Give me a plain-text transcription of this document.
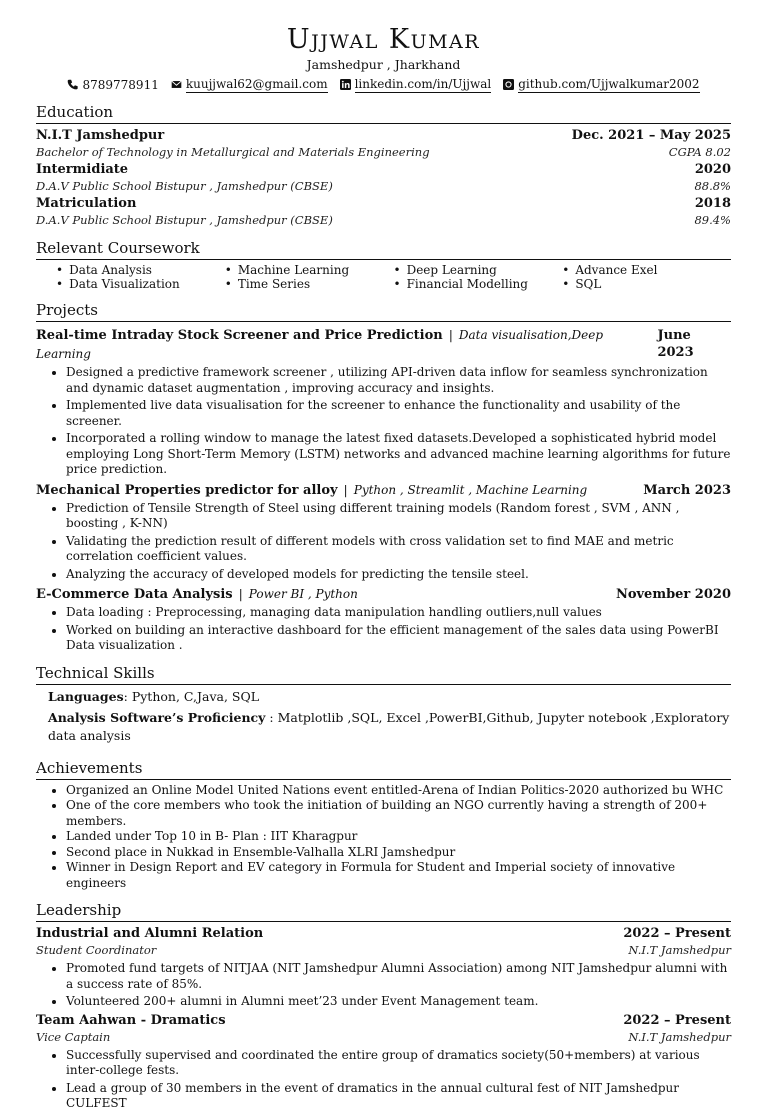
Ujjwal Kumar
Jamshedpur , Jharkhand
8789778911 kuujjwal62@gmail.com linkedin.com/in/Ujjwal github.com/Ujjwalkumar2002
Education
N.I.T Jamshedpur	Dec. 2021 – May 2025
Bachelor of Technology in Metallurgical and Materials Engineering	CGPA 8.02
Intermidiate	2020
D.A.V Public School Bistupur , Jamshedpur (CBSE)	88.8%
Matriculation	2018
D.A.V Public School Bistupur , Jamshedpur (CBSE)	89.4%
Relevant Coursework
• Data Analysis	• Machine Learning	• Deep Learning	• Advance Exel
• Data Visualization	• Time Series	• Financial Modelling	• SQL
Projects
Real-time Intraday Stock Screener and Price Prediction | Data visualisation,Deep Learning
June 2023
• Designed a predictive framework screener , utilizing API-driven data inflow for seamless synchronization and dynamic dataset augmentation , improving accuracy and insights.
• Implemented live data visualisation for the screener to enhance the functionality and usability of the screener.
• Incorporated a rolling window to manage the latest fixed datasets.Developed a sophisticated hybrid model employing Long Short-Term Memory (LSTM) networks and advanced machine learning algorithms for future price prediction.
Mechanical Properties predictor for alloy | Python , Streamlit , Machine Learning	March 2023
• Prediction of Tensile Strength of Steel using different training models (Random forest , SVM , ANN , boosting , K-NN)
• Validating the prediction result of different models with cross validation set to find MAE and metric correlation coefficient values.
• Analyzing the accuracy of developed models for predicting the tensile steel.
E-Commerce Data Analysis | Power BI , Python	November 2020
• Data loading : Preprocessing, managing data manipulation handling outliers,null values
• Worked on building an interactive dashboard for the efficient management of the sales data using PowerBI Data visualization .
Technical Skills
Languages: Python, C,Java, SQL
Analysis Software’s Proficiency : Matplotlib ,SQL, Excel ,PowerBI,Github, Jupyter notebook ,Exploratory data analysis
Achievements
• Organized an Online Model United Nations event entitled-Arena of Indian Politics-2020 authorized bu WHC
• One of the core members who took the initiation of building an NGO currently having a strength of 200+ members.
• Landed under Top 10 in B- Plan : IIT Kharagpur
• Second place in Nukkad in Ensemble-Valhalla XLRI Jamshedpur
• Winner in Design Report and EV category in Formula for Student and Imperial society of innovative engineers
Leadership
Industrial and Alumni Relation	2022 – Present
Student Coordinator	N.I.T Jamshedpur
• Promoted fund targets of NITJAA (NIT Jamshedpur Alumni Association) among NIT Jamshedpur alumni with a success rate of 85%.
• Volunteered 200+ alumni in Alumni meet’23 under Event Management team.
Team Aahwan - Dramatics	2022 – Present
Vice Captain	N.I.T Jamshedpur
• Successfully supervised and coordinated the entire group of dramatics society(50+members) at various inter-college fests.
• Lead a group of 30 members in the event of dramatics in the annual cultural fest of NIT Jamshedpur CULFEST
